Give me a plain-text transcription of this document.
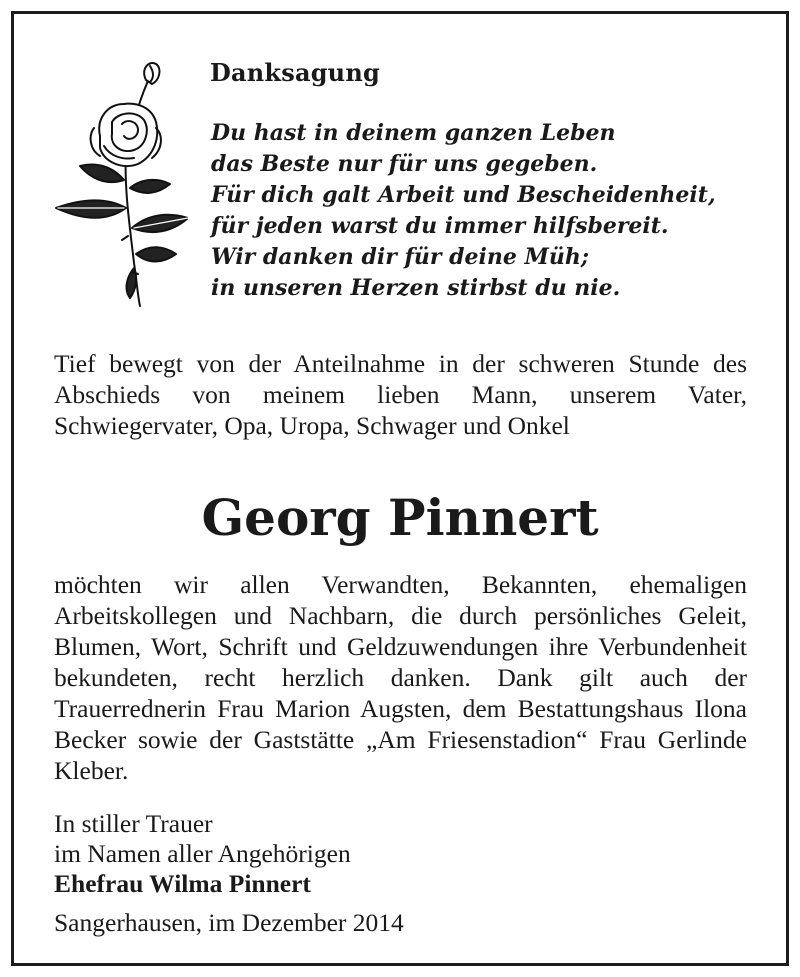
Danksagung
Du hast in deinem ganzen Leben
das Beste nur für uns gegeben.
Für dich galt Arbeit und Bescheidenheit,
für jeden warst du immer hilfsbereit.
Wir danken dir für deine Müh;
in unseren Herzen stirbst du nie.

Tief bewegt von der Anteilnahme in der schweren Stunde des Abschieds von meinem lieben Mann, unserem Vater, Schwiegervater, Opa, Uropa, Schwager und Onkel

Georg Pinnert

möchten wir allen Verwandten, Bekannten, ehemaligen Arbeitskollegen und Nachbarn, die durch persönliches Geleit, Blumen, Wort, Schrift und Geldzuwendungen ihre Verbundenheit bekundeten, recht herzlich danken. Dank gilt auch der Trauerrednerin Frau Marion Augsten, dem Bestattungshaus Ilona Becker sowie der Gaststätte „Am Friesenstadion“ Frau Gerlinde Kleber.

In stiller Trauer
im Namen aller Angehörigen
Ehefrau Wilma Pinnert
Sangerhausen, im Dezember 2014
